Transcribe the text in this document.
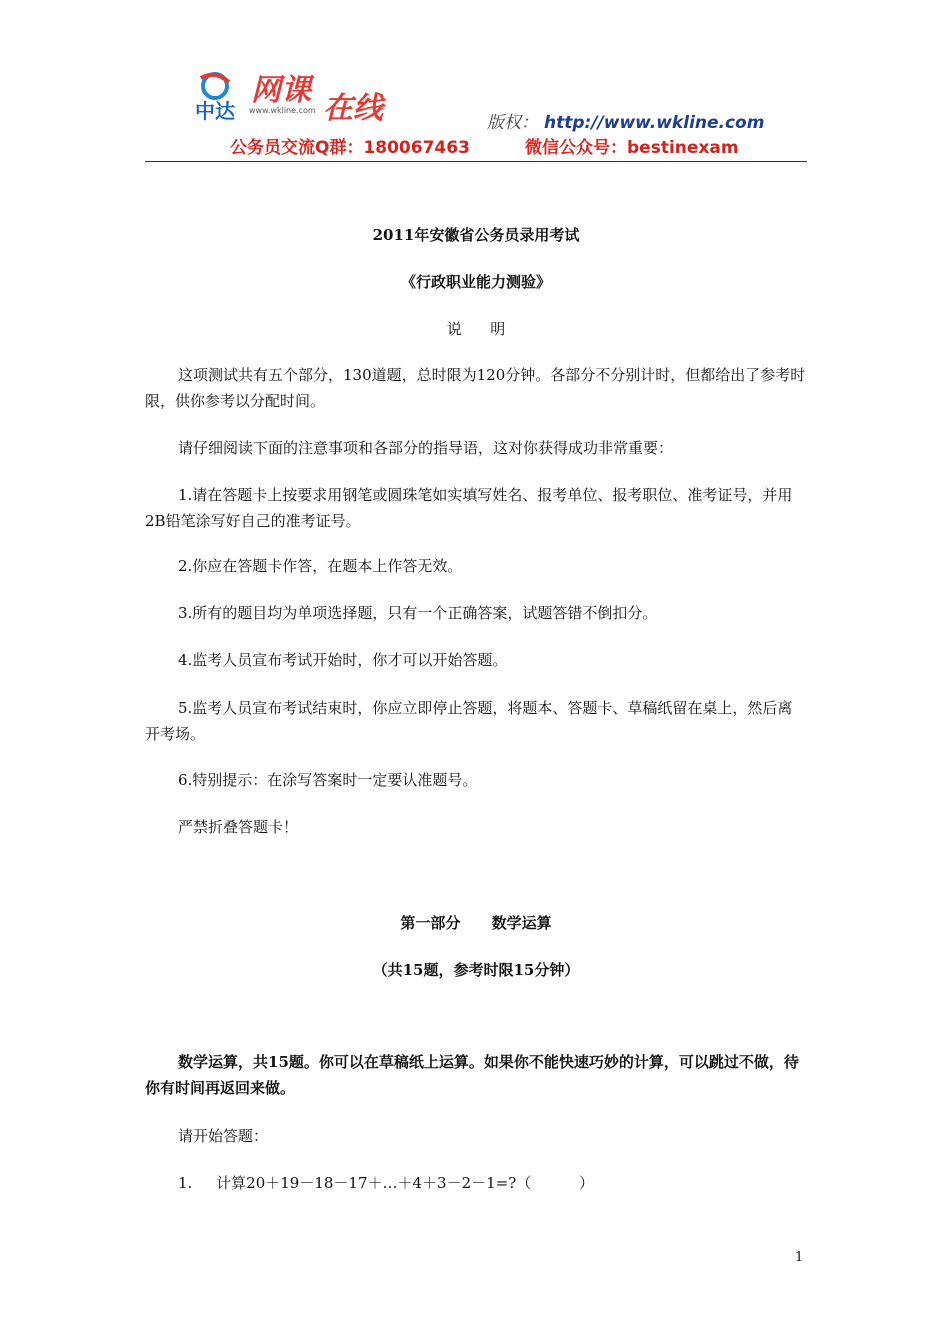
中达
网课
在线
www.wkline.com
版权： http://www.wkline.com
公务员交流Q群：180067463	微信公众号：bestinexam
2011年安徽省公务员录用考试
《行政职业能力测验》
说      明
这项测试共有五个部分，130道题，总时限为120分钟。各部分不分别计时，但都给出了参考时限，供你参考以分配时间。
请仔细阅读下面的注意事项和各部分的指导语，这对你获得成功非常重要：
1.请在答题卡上按要求用钢笔或圆珠笔如实填写姓名、报考单位、报考职位、准考证号，并用2B铅笔涂写好自己的准考证号。
2.你应在答题卡作答，在题本上作答无效。
3.所有的题目均为单项选择题，只有一个正确答案，试题答错不倒扣分。
4.监考人员宣布考试开始时，你才可以开始答题。
5.监考人员宣布考试结束时，你应立即停止答题，将题本、答题卡、草稿纸留在桌上，然后离开考场。
6.特别提示：在涂写答案时一定要认准题号。
严禁折叠答题卡！
第一部分      数学运算
（共15题，参考时限15分钟）
数学运算，共15题。你可以在草稿纸上运算。如果你不能快速巧妙的计算，可以跳过不做，待你有时间再返回来做。
请开始答题：
1.     计算20＋19－18－17＋…＋4＋3－2－1=?（          ）
1
